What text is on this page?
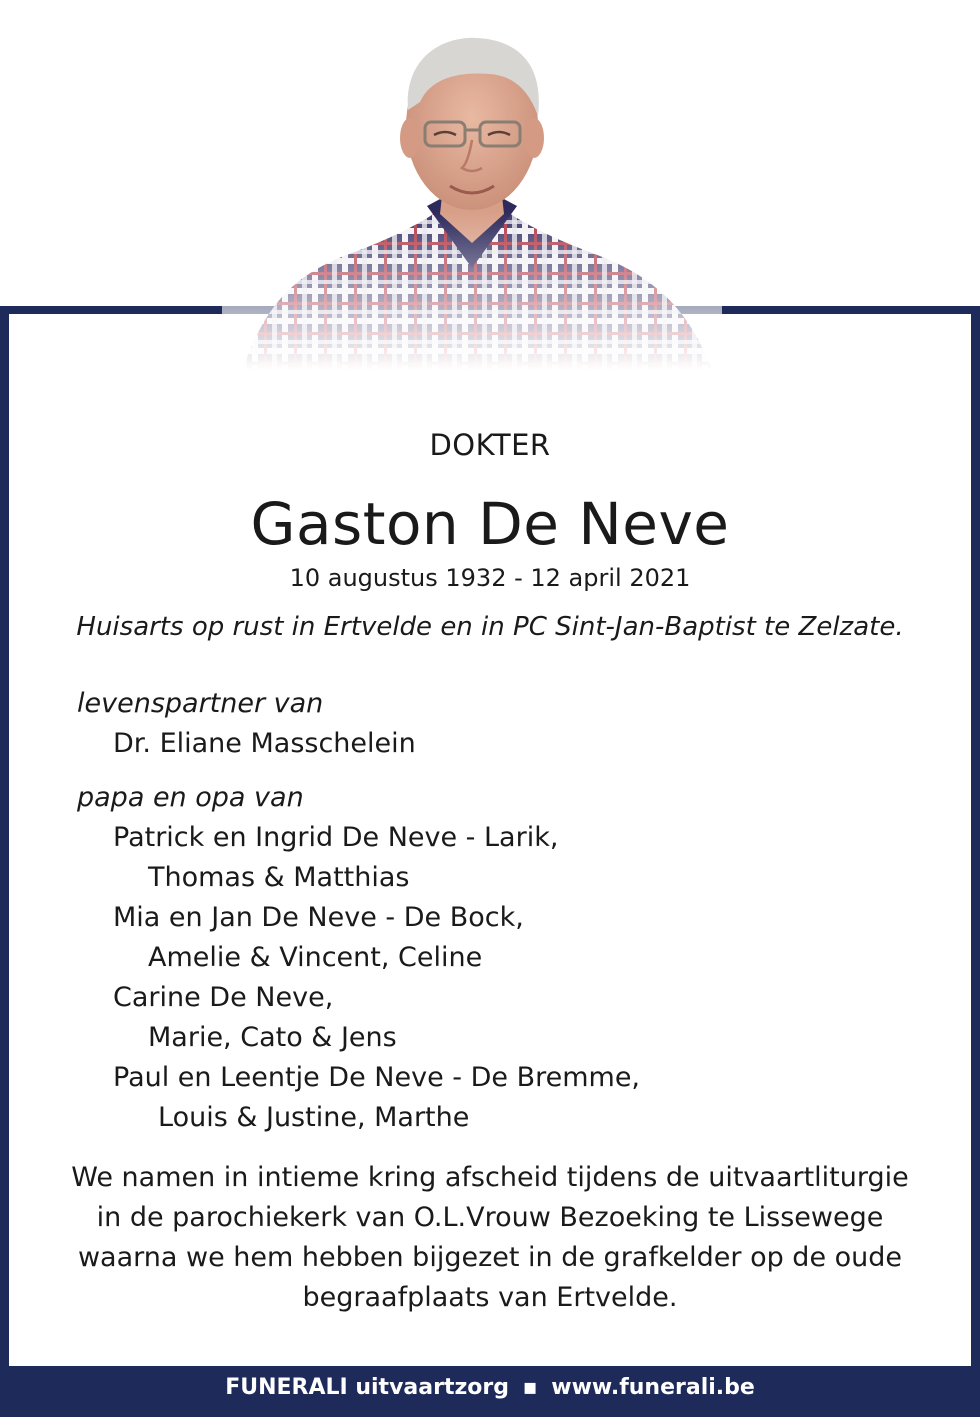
DOKTER
Gaston De Neve
10 augustus 1932 - 12 april 2021
Huisarts op rust in Ertvelde en in PC Sint-Jan-Baptist te Zelzate.
levenspartner van
Dr. Eliane Masschelein
papa en opa van
Patrick en Ingrid De Neve - Larik,
Thomas & Matthias
Mia en Jan De Neve - De Bock,
Amelie & Vincent, Celine
Carine De Neve,
Marie, Cato & Jens
Paul en Leentje De Neve - De Bremme,
Louis & Justine, Marthe
We namen in intieme kring afscheid tijdens de uitvaartliturgie
in de parochiekerk van O.L.Vrouw Bezoeking te Lissewege
waarna we hem hebben bijgezet in de grafkelder op de oude
begraafplaats van Ertvelde.
FUNERALI uitvaartzorg ▪ www.funerali.be
